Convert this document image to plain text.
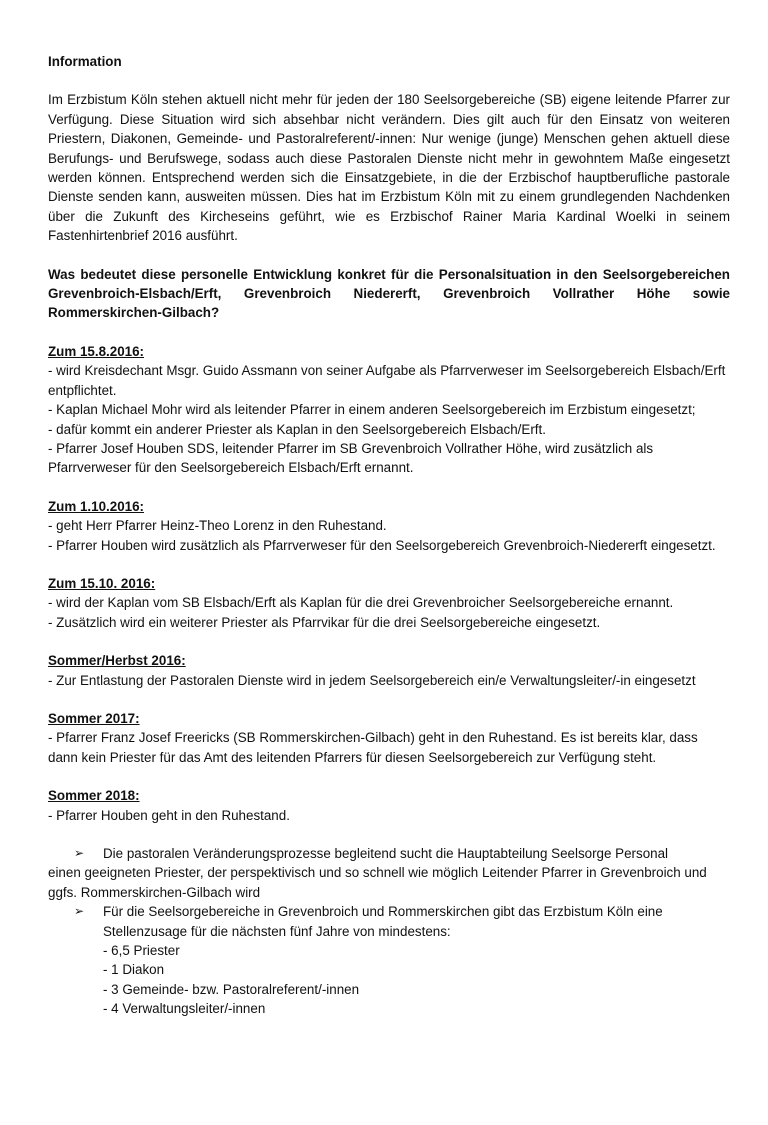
Information

Im Erzbistum Köln stehen aktuell nicht mehr für jeden der 180 Seelsorgebereiche (SB) eigene leitende Pfarrer zur Verfügung. Diese Situation wird sich absehbar nicht verändern. Dies gilt auch für den Einsatz von weiteren Priestern, Diakonen, Gemeinde- und Pastoralreferent/-innen: Nur wenige (junge) Menschen gehen aktuell diese Berufungs- und Berufswege, sodass auch diese Pastoralen Dienste nicht mehr in gewohntem Maße eingesetzt werden können. Entsprechend werden sich die Einsatzgebiete, in die der Erzbischof hauptberufliche pastorale Dienste senden kann, ausweiten müssen. Dies hat im Erzbistum Köln mit zu einem grundlegenden Nachdenken über die Zukunft des Kircheseins geführt, wie es Erzbischof Rainer Maria Kardinal Woelki in seinem Fastenhirtenbrief 2016 ausführt.

Was bedeutet diese personelle Entwicklung konkret für die Personalsituation in den Seelsorgebereichen Grevenbroich-Elsbach/Erft, Grevenbroich Niedererft, Grevenbroich Vollrather Höhe sowie Rommerskirchen-Gilbach?

Zum 15.8.2016:

- wird Kreisdechant Msgr. Guido Assmann von seiner Aufgabe als Pfarrverweser im Seelsorgebereich Elsbach/Erft entpflichtet.

- Kaplan Michael Mohr wird als leitender Pfarrer in einem anderen Seelsorgebereich im Erzbistum eingesetzt;

- dafür kommt ein anderer Priester als Kaplan in den Seelsorgebereich Elsbach/Erft.

- Pfarrer Josef Houben SDS, leitender Pfarrer im SB Grevenbroich Vollrather Höhe, wird zusätzlich als Pfarrverweser für den Seelsorgebereich Elsbach/Erft ernannt.

Zum 1.10.2016:

- geht Herr Pfarrer Heinz-Theo Lorenz in den Ruhestand.

- Pfarrer Houben wird zusätzlich als Pfarrverweser für den Seelsorgebereich Grevenbroich-Niedererft eingesetzt.

Zum 15.10. 2016:

- wird der Kaplan vom SB Elsbach/Erft als Kaplan für die drei Grevenbroicher Seelsorgebereiche ernannt.

- Zusätzlich wird ein weiterer Priester als Pfarrvikar für die drei Seelsorgebereiche eingesetzt.

Sommer/Herbst 2016:

- Zur Entlastung der Pastoralen Dienste wird in jedem Seelsorgebereich ein/e Verwaltungsleiter/-in eingesetzt

Sommer 2017:

- Pfarrer Franz Josef Freericks (SB Rommerskirchen-Gilbach) geht in den Ruhestand. Es ist bereits klar, dass dann kein Priester für das Amt des leitenden Pfarrers für diesen Seelsorgebereich zur Verfügung steht.

Sommer 2018:

- Pfarrer Houben geht in den Ruhestand.

➢	Die pastoralen Veränderungsprozesse begleitend sucht die Hauptabteilung Seelsorge Personal
einen geeigneten Priester, der perspektivisch und so schnell wie möglich Leitender Pfarrer in Grevenbroich und ggfs. Rommerskirchen-Gilbach wird
➢	Für die Seelsorgebereiche in Grevenbroich und Rommerskirchen gibt das Erzbistum Köln eine Stellenzusage für die nächsten fünf Jahre von mindestens:
- 6,5 Priester
- 1 Diakon
- 3 Gemeinde- bzw. Pastoralreferent/-innen
- 4 Verwaltungsleiter/-innen
